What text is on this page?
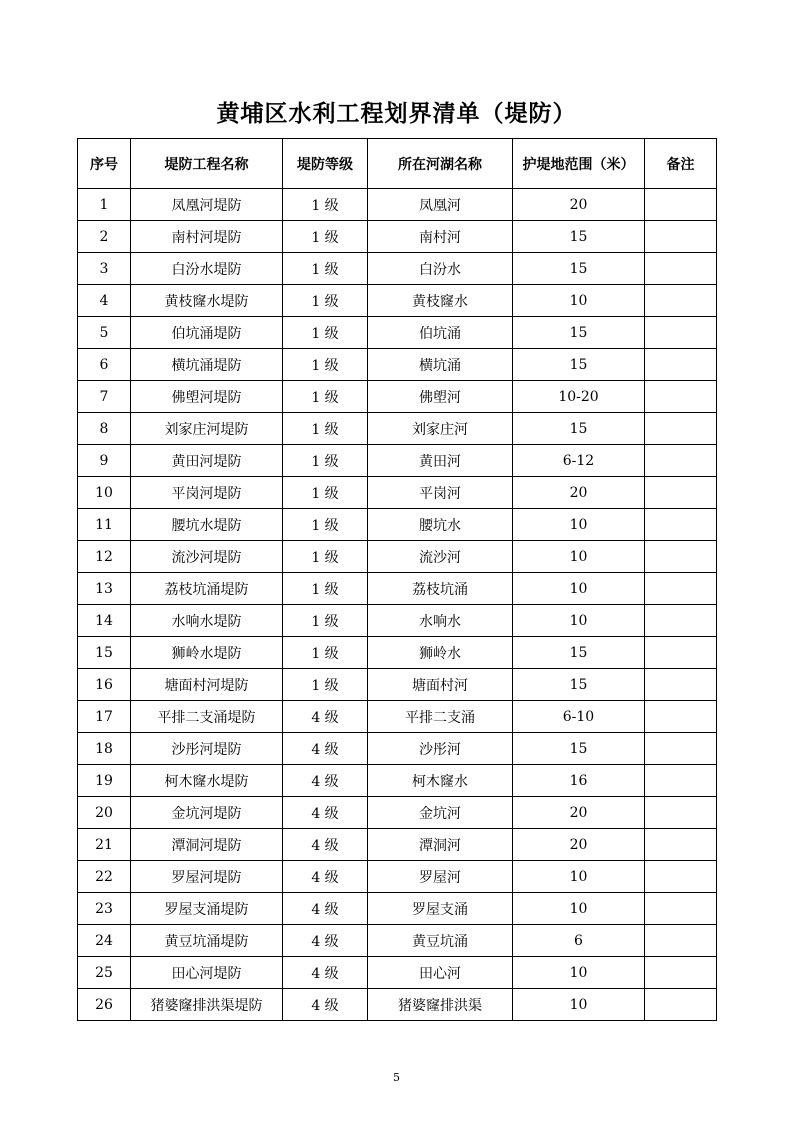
黄埔区水利工程划界清单（堤防）
序号	堤防工程名称	堤防等级	所在河湖名称	护堤地范围（米）	备注
1	凤凰河堤防	1 级	凤凰河	20	
2	南村河堤防	1 级	南村河	15	
3	白汾水堤防	1 级	白汾水	15	
4	黄枝窿水堤防	1 级	黄枝窿水	10	
5	伯坑涌堤防	1 级	伯坑涌	15	
6	横坑涌堤防	1 级	横坑涌	15	
7	佛塱河堤防	1 级	佛塱河	10-20	
8	刘家庄河堤防	1 级	刘家庄河	15	
9	黄田河堤防	1 级	黄田河	6-12	
10	平岗河堤防	1 级	平岗河	20	
11	腰坑水堤防	1 级	腰坑水	10	
12	流沙河堤防	1 级	流沙河	10	
13	荔枝坑涌堤防	1 级	荔枝坑涌	10	
14	水响水堤防	1 级	水响水	10	
15	狮岭水堤防	1 级	狮岭水	15	
16	塘面村河堤防	1 级	塘面村河	15	
17	平排二支涌堤防	4 级	平排二支涌	6-10	
18	沙彤河堤防	4 级	沙彤河	15	
19	柯木窿水堤防	4 级	柯木窿水	16	
20	金坑河堤防	4 级	金坑河	20	
21	潭洞河堤防	4 级	潭洞河	20	
22	罗屋河堤防	4 级	罗屋河	10	
23	罗屋支涌堤防	4 级	罗屋支涌	10	
24	黄豆坑涌堤防	4 级	黄豆坑涌	6	
25	田心河堤防	4 级	田心河	10	
26	猪婆窿排洪渠堤防	4 级	猪婆窿排洪渠	10	
5
